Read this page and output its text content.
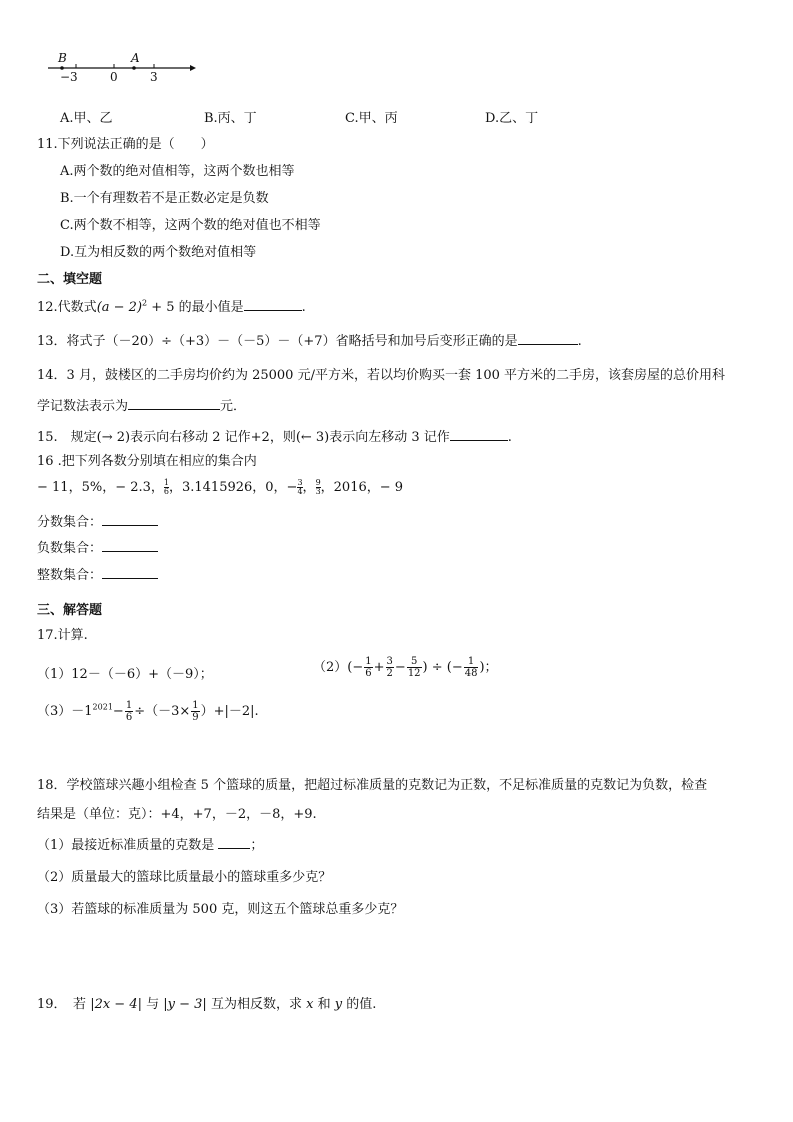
B	A
−3	0	3
A.甲、乙	B.丙、丁	C.甲、丙	D.乙、丁
11.下列说法正确的是（　　）
A.两个数的绝对值相等，这两个数也相等
B.一个有理数若不是正数必定是负数
C.两个数不相等，这两个数的绝对值也不相等
D.互为相反数的两个数绝对值相等
二、填空题
12.代数式$(a - 2)^2 + 5$ 的最小值是	.
13．将式子（－20）÷（+3）－（－5）－（+7）省略括号和加号后变形正确的是	.
14．3 月，鼓楼区的二手房均价约为 25000 元/平方米，若以均价购买一套 100 平方米的二手房，该套房屋的总价用科
学记数法表示为	元．
15.　规定(→ 2)表示向右移动 2 记作+2，则(← 3)表示向左移动 3 记作	.
16 .把下列各数分别填在相应的集合内
− 11，5%，− 2.3， $\frac{1}{6}$ ，3.1415926，0，− $\frac{3}{4}$ ， $\frac{9}{3}$ ，2016，− 9
分数集合：
负数集合：
整数集合：
三、解答题
17.计算.
（1）12－（－6）+（－9）；	$(2)(- \frac{1}{6} + \frac{3}{2} - \frac{5}{12}$ ) ÷ (− $\frac{1}{48}$ )；
$(3)-1^{2021}- \frac{1}{6} \div(-3\times \frac{1}{9} )+|-2|$.
18．学校篮球兴趣小组检查 5 个篮球的质量，把超过标准质量的克数记为正数，不足标准质量的克数记为负数，检查
结果是（单位：克）：+4，+7，－2，－8，+9.
（1）最接近标准质量的克数是	；
（2）质量最大的篮球比质量最小的篮球重多少克？
（3）若篮球的标准质量为 500 克，则这五个篮球总重多少克？
19．　若 |2x − 4| 与 |y − 3| 互为相反数，求 x 和 y 的值.
